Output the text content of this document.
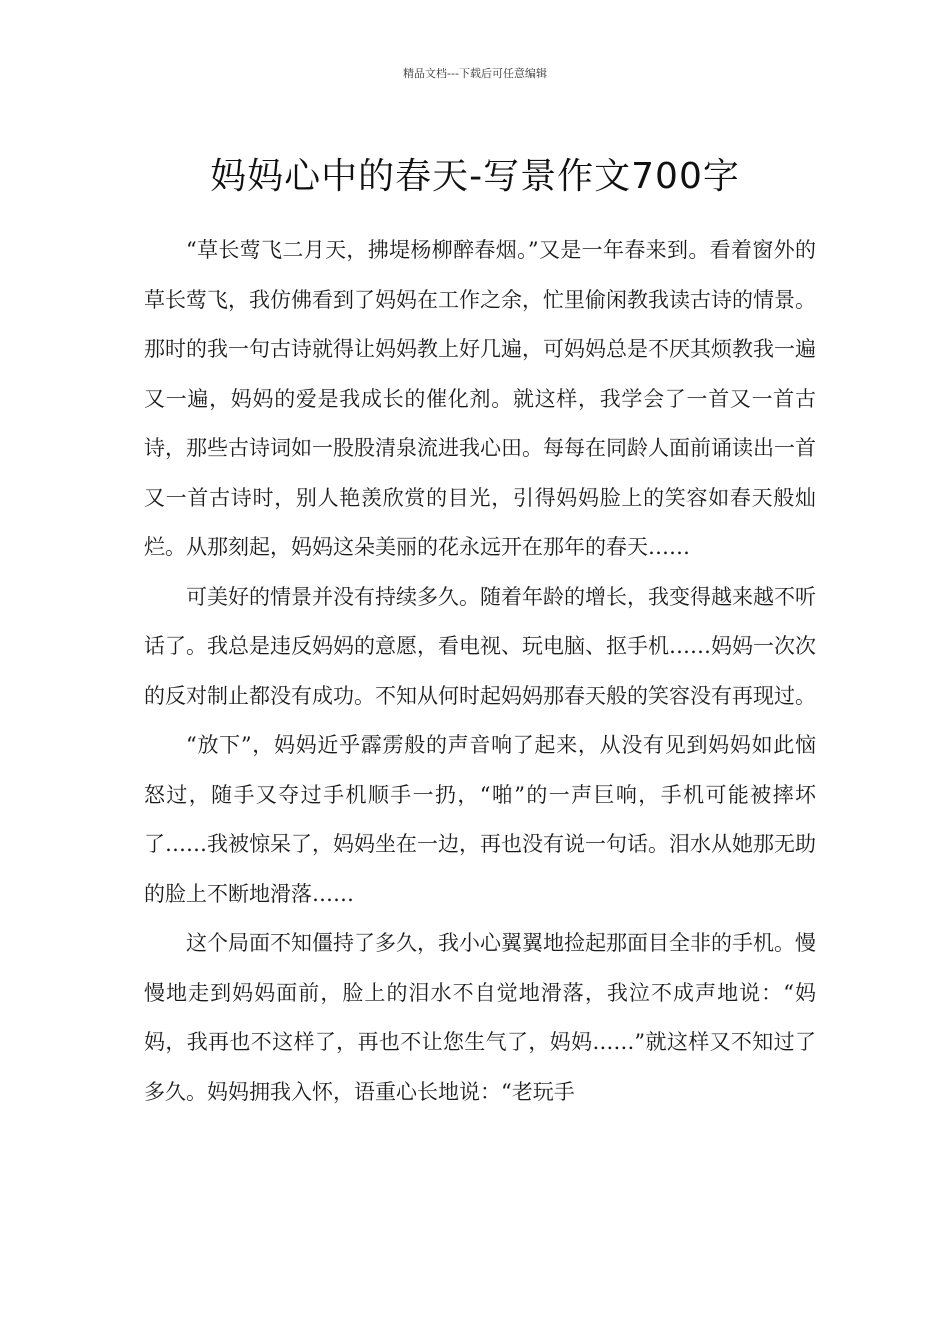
精品文档---下载后可任意编辑
妈妈心中的春天-写景作文700字

“草长莺飞二月天，拂堤杨柳醉春烟。”又是一年春来到。看着窗外的草长莺飞，我仿佛看到了妈妈在工作之余，忙里偷闲教我读古诗的情景。那时的我一句古诗就得让妈妈教上好几遍，可妈妈总是不厌其烦教我一遍又一遍，妈妈的爱是我成长的催化剂。就这样，我学会了一首又一首古诗，那些古诗词如一股股清泉流进我心田。每每在同龄人面前诵读出一首又一首古诗时，别人艳羡欣赏的目光，引得妈妈脸上的笑容如春天般灿烂。从那刻起，妈妈这朵美丽的花永远开在那年的春天……

可美好的情景并没有持续多久。随着年龄的增长，我变得越来越不听话了。我总是违反妈妈的意愿，看电视、玩电脑、抠手机……妈妈一次次的反对制止都没有成功。不知从何时起妈妈那春天般的笑容没有再现过。

“放下”，妈妈近乎霹雳般的声音响了起来，从没有见到妈妈如此恼怒过，随手又夺过手机顺手一扔，“啪”的一声巨响，手机可能被摔坏了……我被惊呆了，妈妈坐在一边，再也没有说一句话。泪水从她那无助的脸上不断地滑落……

这个局面不知僵持了多久，我小心翼翼地捡起那面目全非的手机。慢慢地走到妈妈面前，脸上的泪水不自觉地滑落，我泣不成声地说：“妈妈，我再也不这样了，再也不让您生气了，妈妈……”就这样又不知过了多久。妈妈拥我入怀，语重心长地说：“老玩手
